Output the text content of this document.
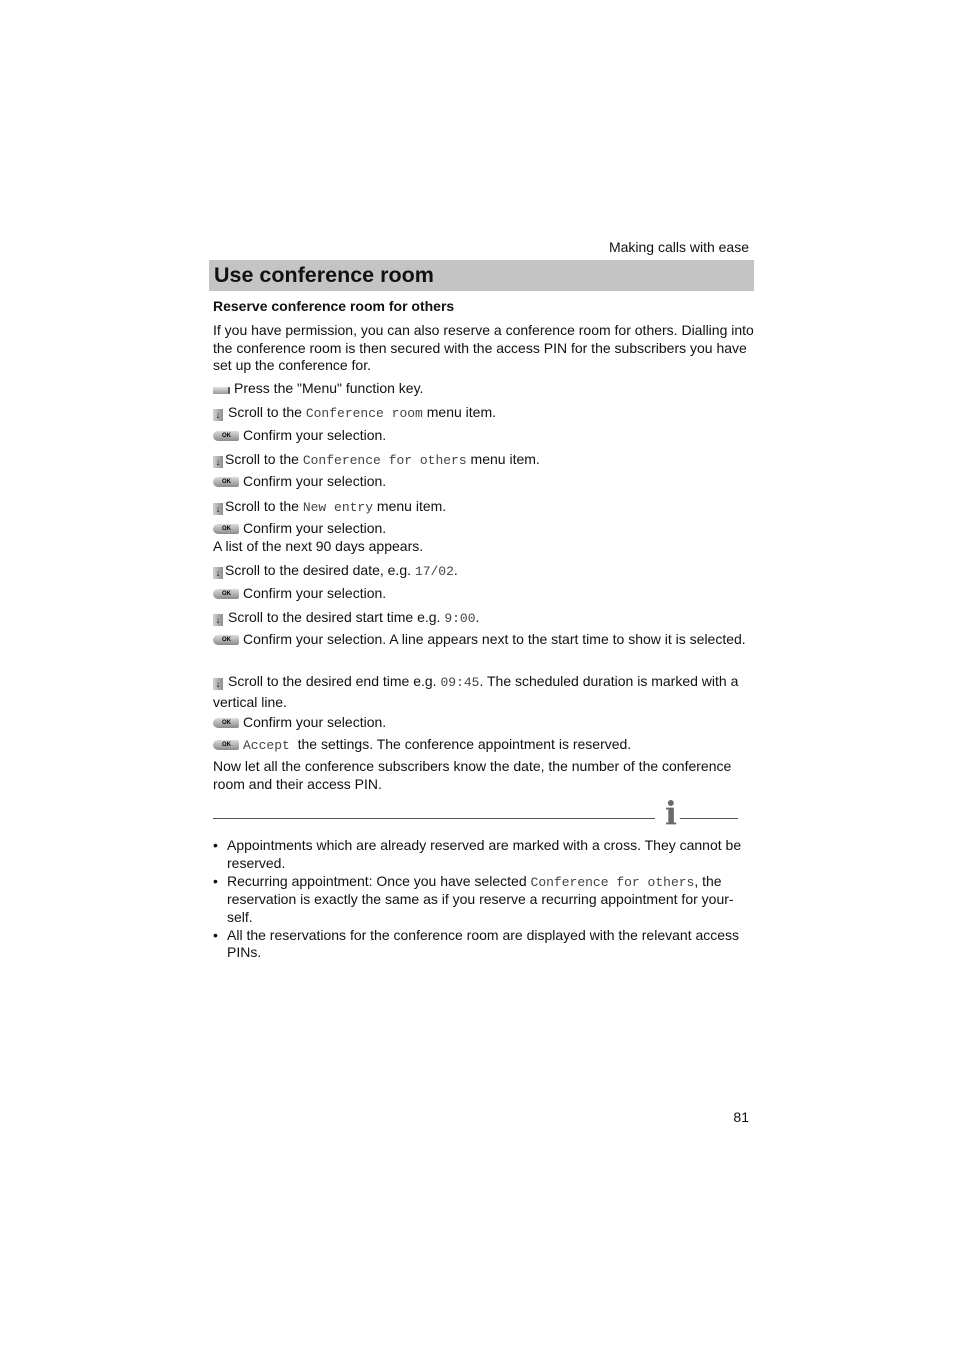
Making calls with ease
Use conference room
Reserve conference room for others
If you have permission, you can also reserve a conference room for others. Dialling into the conference room is then secured with the access PIN for the subscribers you have set up the conference for.
Press the "Menu" function key.
↓ Scroll to the Conference room menu item.
OKConfirm your selection.
↓ Scroll to the Conference for others menu item.
OKConfirm your selection.
↓ Scroll to the New entry menu item.
OKConfirm your selection.
A list of the next 90 days appears.
↓ Scroll to the desired date, e.g. 17/02.
OKConfirm your selection.
↓ Scroll to the desired start time e.g. 9:00.
OKConfirm your selection. A line appears next to the start time to show it is selected.
↓ Scroll to the desired end time e.g. 09:45. The scheduled duration is marked with a vertical line.
OKConfirm your selection.
OKAccept the settings. The conference appointment is reserved.
Now let all the conference subscribers know the date, the number of the conference room and their access PIN.
i
• Appointments which are already reserved are marked with a cross. They cannot be reserved.
• Recurring appointment: Once you have selected Conference for others, the reservation is exactly the same as if you reserve a recurring appointment for your-self.
• All the reservations for the conference room are displayed with the relevant access PINs.
81
